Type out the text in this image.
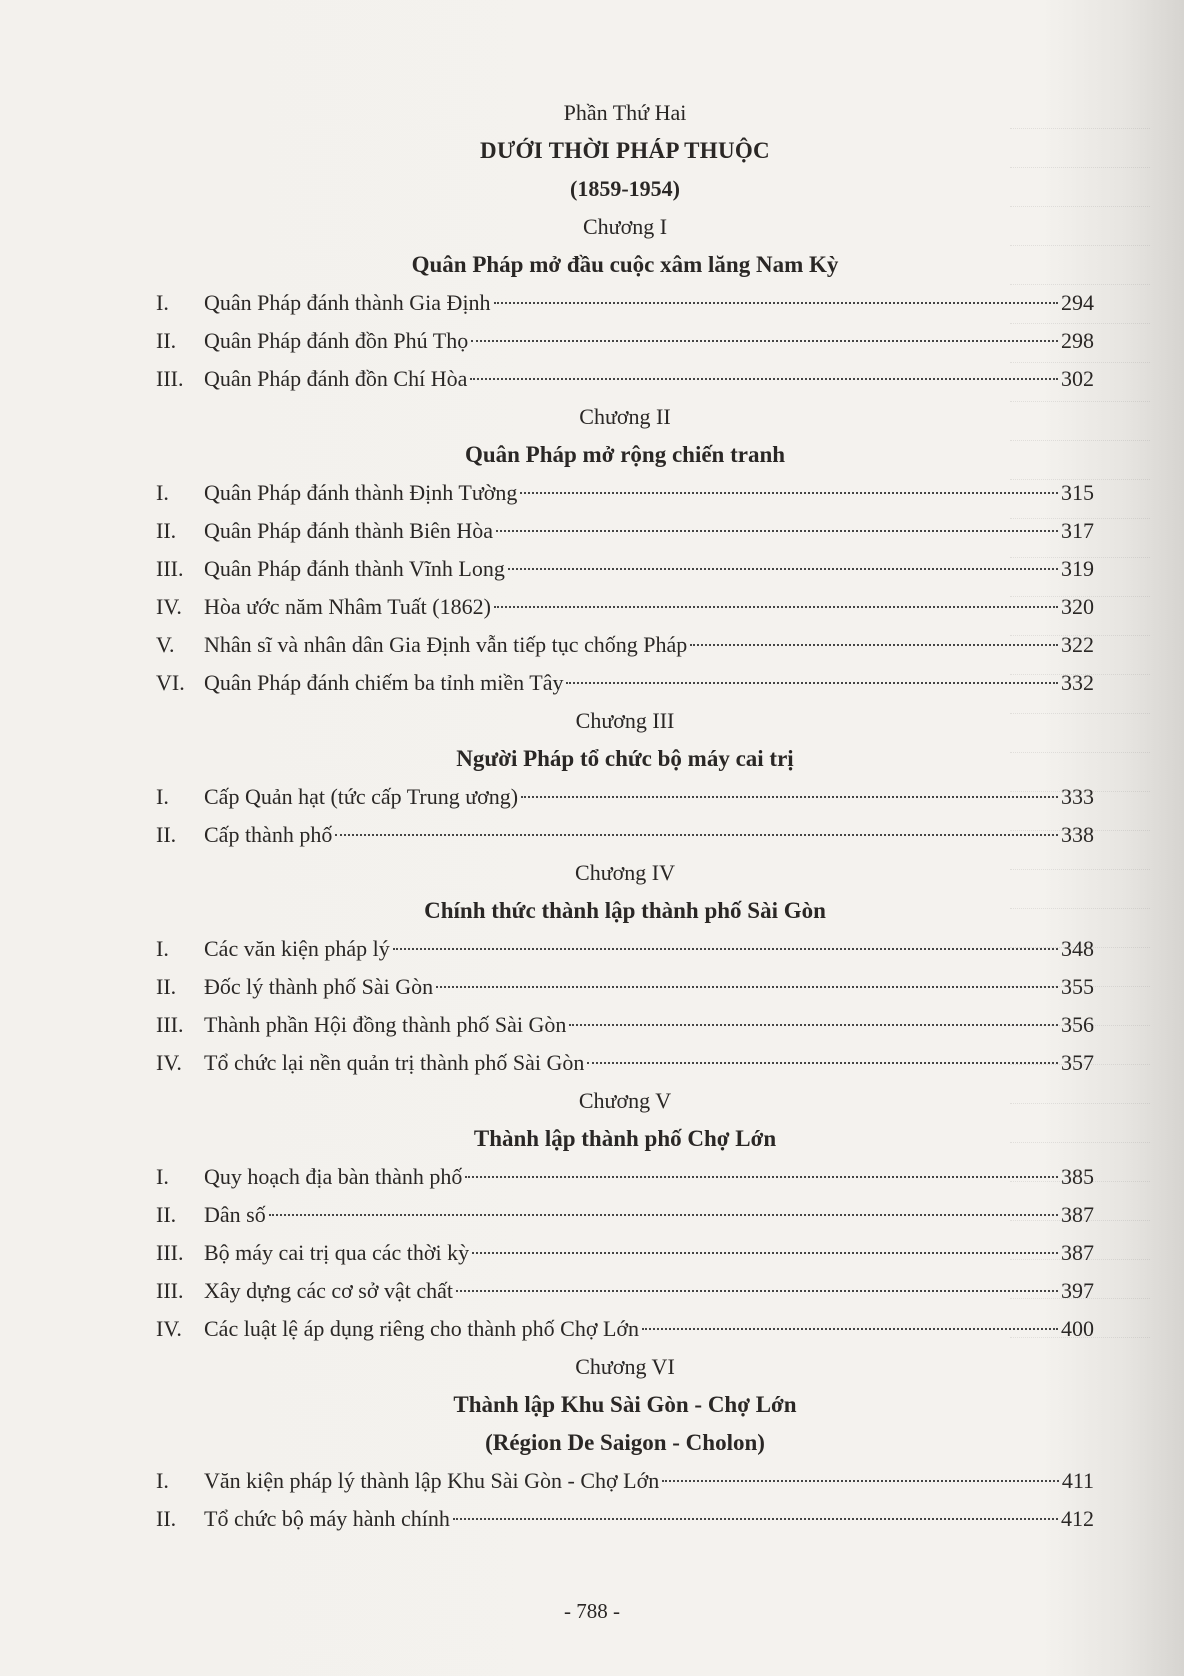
Phần Thứ Hai
DƯỚI THỜI PHÁP THUỘC
(1859-1954)
Chương I
Quân Pháp mở đầu cuộc xâm lăng Nam Kỳ
I.	Quân Pháp đánh thành Gia Định	294
II.	Quân Pháp đánh đồn Phú Thọ	298
III. Quân Pháp đánh đồn Chí Hòa	302
Chương II
Quân Pháp mở rộng chiến tranh
I.	Quân Pháp đánh thành Định Tường	315
II.	Quân Pháp đánh thành Biên Hòa	317
III. Quân Pháp đánh thành Vĩnh Long	319
IV.	Hòa ước năm Nhâm Tuất (1862)	320
V.	Nhân sĩ và nhân dân Gia Định vẫn tiếp tục chống Pháp	322
VI. Quân Pháp đánh chiếm ba tỉnh miền Tây	332
Chương III
Người Pháp tổ chức bộ máy cai trị
I.	Cấp Quản hạt (tức cấp Trung ương)	333
II.	Cấp thành phố	338
Chương IV
Chính thức thành lập thành phố Sài Gòn
I.	Các văn kiện pháp lý	348
II.	Đốc lý thành phố Sài Gòn	355
III. Thành phần Hội đồng thành phố Sài Gòn	356
IV.	Tổ chức lại nền quản trị thành phố Sài Gòn	357
Chương V
Thành lập thành phố Chợ Lớn
I.	Quy hoạch địa bàn thành phố	385
II.	Dân số	387
III. Bộ máy cai trị qua các thời kỳ	387
III. Xây dựng các cơ sở vật chất	397
IV.	Các luật lệ áp dụng riêng cho thành phố Chợ Lớn	400
Chương VI
Thành lập Khu Sài Gòn - Chợ Lớn
(Région De Saigon - Cholon)
I.	Văn kiện pháp lý thành lập Khu Sài Gòn - Chợ Lớn	411
II.	Tổ chức bộ máy hành chính	412
- 788 -
